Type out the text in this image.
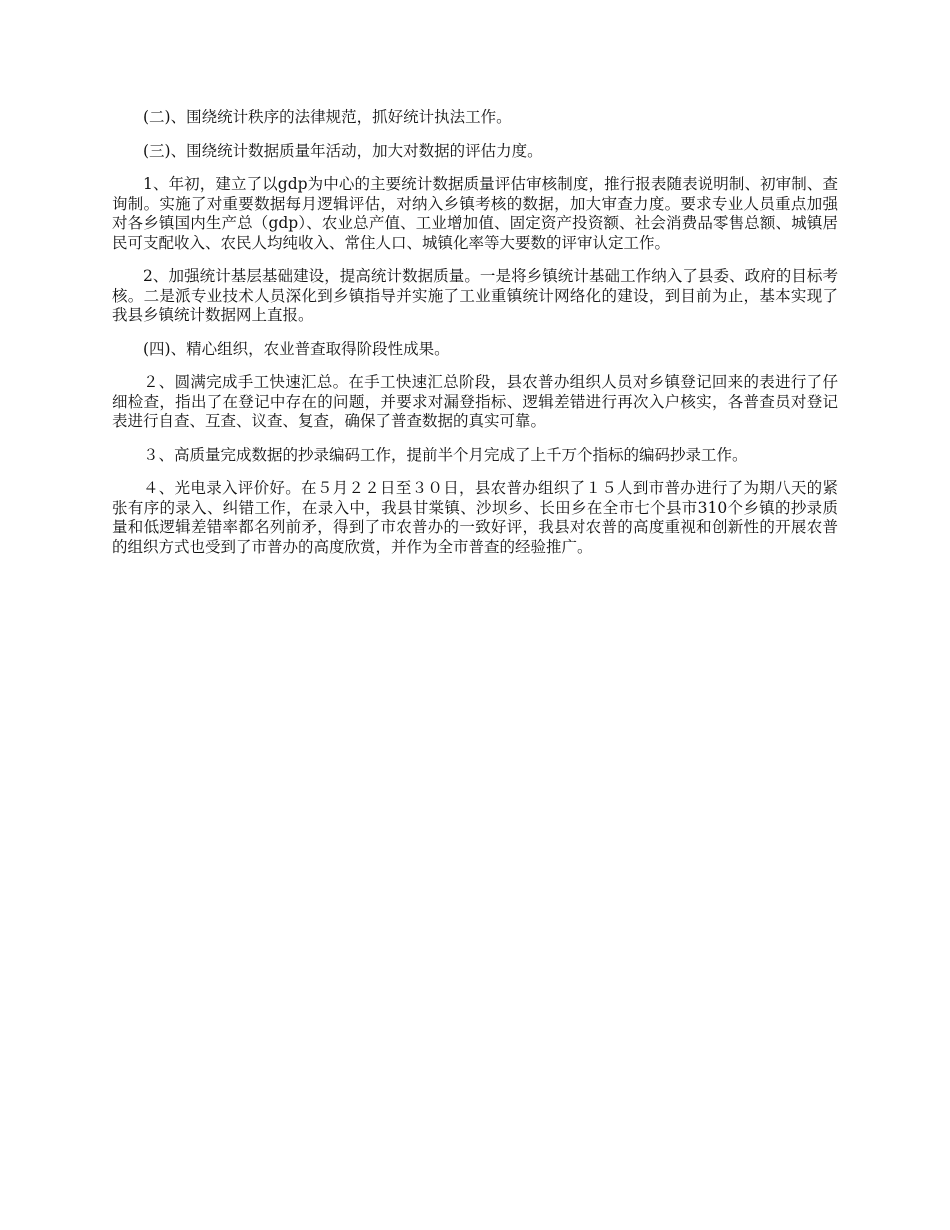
(二)、围绕统计秩序的法律规范，抓好统计执法工作。

(三)、围绕统计数据质量年活动，加大对数据的评估力度。

1、年初，建立了以gdp为中心的主要统计数据质量评估审核制度，推行报表随表说明制、初审制、查询制。实施了对重要数据每月逻辑评估，对纳入乡镇考核的数据，加大审查力度。要求专业人员重点加强对各乡镇国内生产总（gdp）、农业总产值、工业增加值、固定资产投资额、社会消费品零售总额、城镇居民可支配收入、农民人均纯收入、常住人口、城镇化率等大要数的评审认定工作。

2、加强统计基层基础建设，提高统计数据质量。一是将乡镇统计基础工作纳入了县委、政府的目标考核。二是派专业技术人员深化到乡镇指导并实施了工业重镇统计网络化的建设，到目前为止，基本实现了我县乡镇统计数据网上直报。

(四)、精心组织，农业普查取得阶段性成果。

２、圆满完成手工快速汇总。在手工快速汇总阶段，县农普办组织人员对乡镇登记回来的表进行了仔细检查，指出了在登记中存在的问题，并要求对漏登指标、逻辑差错进行再次入户核实，各普查员对登记表进行自查、互查、议查、复查，确保了普查数据的真实可靠。

３、高质量完成数据的抄录编码工作，提前半个月完成了上千万个指标的编码抄录工作。

４、光电录入评价好。在５月２２日至３０日，县农普办组织了１５人到市普办进行了为期八天的紧张有序的录入、纠错工作，在录入中，我县甘棠镇、沙坝乡、长田乡在全市七个县市310个乡镇的抄录质量和低逻辑差错率都名列前矛，得到了市农普办的一致好评，我县对农普的高度重视和创新性的开展农普的组织方式也受到了市普办的高度欣赏，并作为全市普查的经验推广。
